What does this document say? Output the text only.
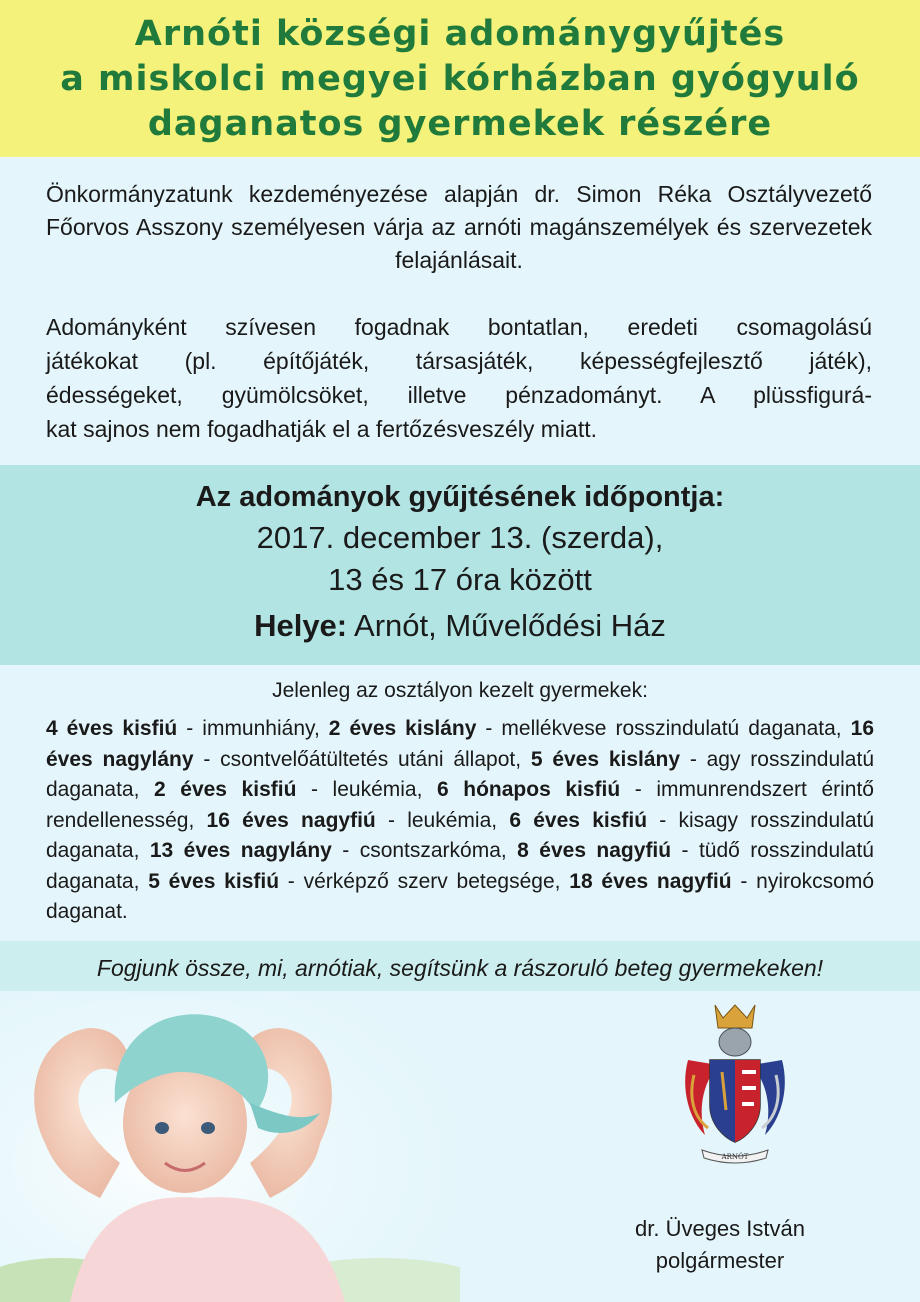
Arnóti községi adománygyűjtés
a miskolci megyei kórházban gyógyuló
daganatos gyermekek részére

Önkormányzatunk kezdeményezése alapján dr. Simon Réka Osztályvezető Főorvos Asszony személyesen várja az arnóti magánszemélyek és szervezetek felajánlásait.

Adományként szívesen fogadnak bontatlan, eredeti csomagolású
játékokat (pl. építőjáték, társasjáték, képességfejlesztő játék),
édességeket, gyümölcsöket, illetve pénzadományt. A plüssfigurá-
kat sajnos nem fogadhatják el a fertőzésveszély miatt.

Az adományok gyűjtésének időpontja:
2017. december 13. (szerda),
13 és 17 óra között
Helye: Arnót, Művelődési Ház
Jelenleg az osztályon kezelt gyermekek:

4 éves kisfiú - immunhiány, 2 éves kislány - mellékvese rosszindulatú daganata, 16 éves nagylány - csontvelőátültetés utáni állapot, 5 éves kislány - agy rosszindulatú daganata, 2 éves kisfiú - leukémia, 6 hónapos kisfiú - immunrendszert érintő rendellenesség, 16 éves nagyfiú - leukémia, 6 éves kisfiú - kisagy rosszindulatú daganata, 13 éves nagylány - csontszarkóma, 8 éves nagyfiú - tüdő rosszindulatú daganata, 5 éves kisfiú - vérképző szerv betegsége, 18 éves nagyfiú - nyirokcsomó daganat.

Fogjunk össze, mi, arnótiak, segítsünk a rászoruló beteg gyermekeken!
ARNÓT
dr. Üveges István
polgármester
